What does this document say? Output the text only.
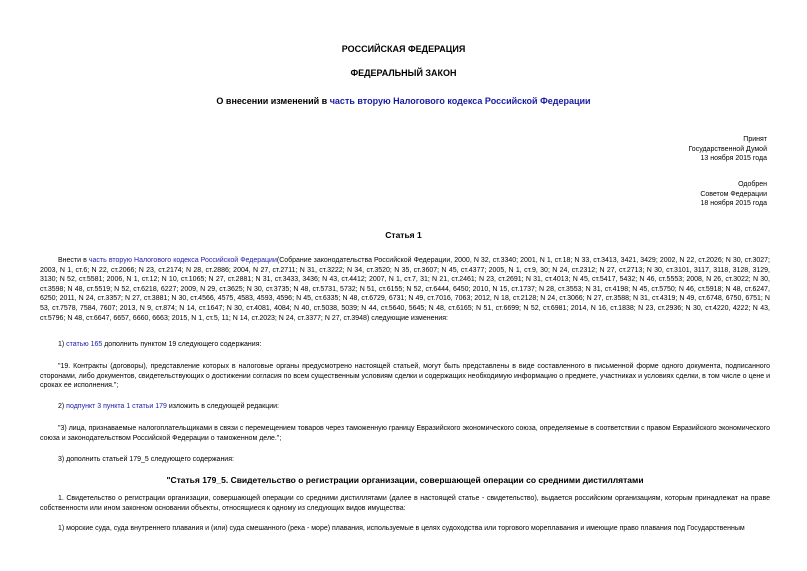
РОССИЙСКАЯ ФЕДЕРАЦИЯ
ФЕДЕРАЛЬНЫЙ ЗАКОН
О внесении изменений в часть вторую Налогового кодекса Российской Федерации
Принят
Государственной Думой
13 ноября 2015 года
Одобрен
Советом Федерации
18 ноября 2015 года
Статья 1
Внести в часть вторую Налогового кодекса Российской Федерации(Собрание законодательства Российской Федерации, 2000, N 32, ст.3340; 2001, N 1, ст.18; N 33, ст.3413, 3421, 3429; 2002, N 22, ст.2026; N 30, ст.3027; 2003, N 1, ст.6; N 22, ст.2066; N 23, ст.2174; N 28, ст.2886; 2004, N 27, ст.2711; N 31, ст.3222; N 34, ст.3520; N 35, ст.3607; N 45, ст.4377; 2005, N 1, ст.9, 30; N 24, ст.2312; N 27, ст.2713; N 30, ст.3101, 3117, 3118, 3128, 3129, 3130; N 52, ст.5581; 2006, N 1, ст.12; N 10, ст.1065; N 27, ст.2881; N 31, ст.3433, 3436; N 43, ст.4412; 2007, N 1, ст.7, 31; N 21, ст.2461; N 23, ст.2691; N 31, ст.4013; N 45, ст.5417, 5432; N 46, ст.5553; 2008, N 26, ст.3022; N 30, ст.3598; N 48, ст.5519; N 52, ст.6218, 6227; 2009, N 29, ст.3625; N 30, ст.3735; N 48, ст.5731, 5732; N 51, ст.6155; N 52, ст.6444, 6450; 2010, N 15, ст.1737; N 28, ст.3553; N 31, ст.4198; N 45, ст.5750; N 46, ст.5918; N 48, ст.6247, 6250; 2011, N 24, ст.3357; N 27, ст.3881; N 30, ст.4566, 4575, 4583, 4593, 4596; N 45, ст.6335; N 48, ст.6729, 6731; N 49, ст.7016, 7063; 2012, N 18, ст.2128; N 24, ст.3066; N 27, ст.3588; N 31, ст.4319; N 49, ст.6748, 6750, 6751; N 53, ст.7578, 7584, 7607; 2013, N 9, ст.874; N 14, ст.1647; N 30, ст.4081, 4084; N 40, ст.5038, 5039; N 44, ст.5640, 5645; N 48, ст.6165; N 51, ст.6699; N 52, ст.6981; 2014, N 16, ст.1838; N 23, ст.2936; N 30, ст.4220, 4222; N 43, ст.5796; N 48, ст.6647, 6657, 6660, 6663; 2015, N 1, ст.5, 11; N 14, ст.2023; N 24, ст.3377; N 27, ст.3948) следующие изменения:
1) статью 165 дополнить пунктом 19 следующего содержания:
"19. Контракты (договоры), представление которых в налоговые органы предусмотрено настоящей статьей, могут быть представлены в виде составленного в письменной форме одного документа, подписанного сторонами, либо документов, свидетельствующих о достижении согласия по всем существенным условиям сделки и содержащих необходимую информацию о предмете, участниках и условиях сделки, в том числе о цене и сроках ее исполнения.";
2) подпункт 3 пункта 1 статьи 179 изложить в следующей редакции:
"3) лица, признаваемые налогоплательщиками в связи с перемещением товаров через таможенную границу Евразийского экономического союза, определяемые в соответствии с правом Евразийского экономического союза и законодательством Российской Федерации о таможенном деле.";
3) дополнить статьей 179_5 следующего содержания:
"Статья 179_5. Свидетельство о регистрации организации, совершающей операции со средними дистиллятами
1. Свидетельство о регистрации организации, совершающей операции со средними дистиллятами (далее в настоящей статье - свидетельство), выдается российским организациям, которым принадлежат на праве собственности или ином законном основании объекты, относящиеся к одному из следующих видов имущества:
1) морские суда, суда внутреннего плавания и (или) суда смешанного (река - море) плавания, используемые в целях судоходства или торгового мореплавания и имеющие право плавания под Государственным
